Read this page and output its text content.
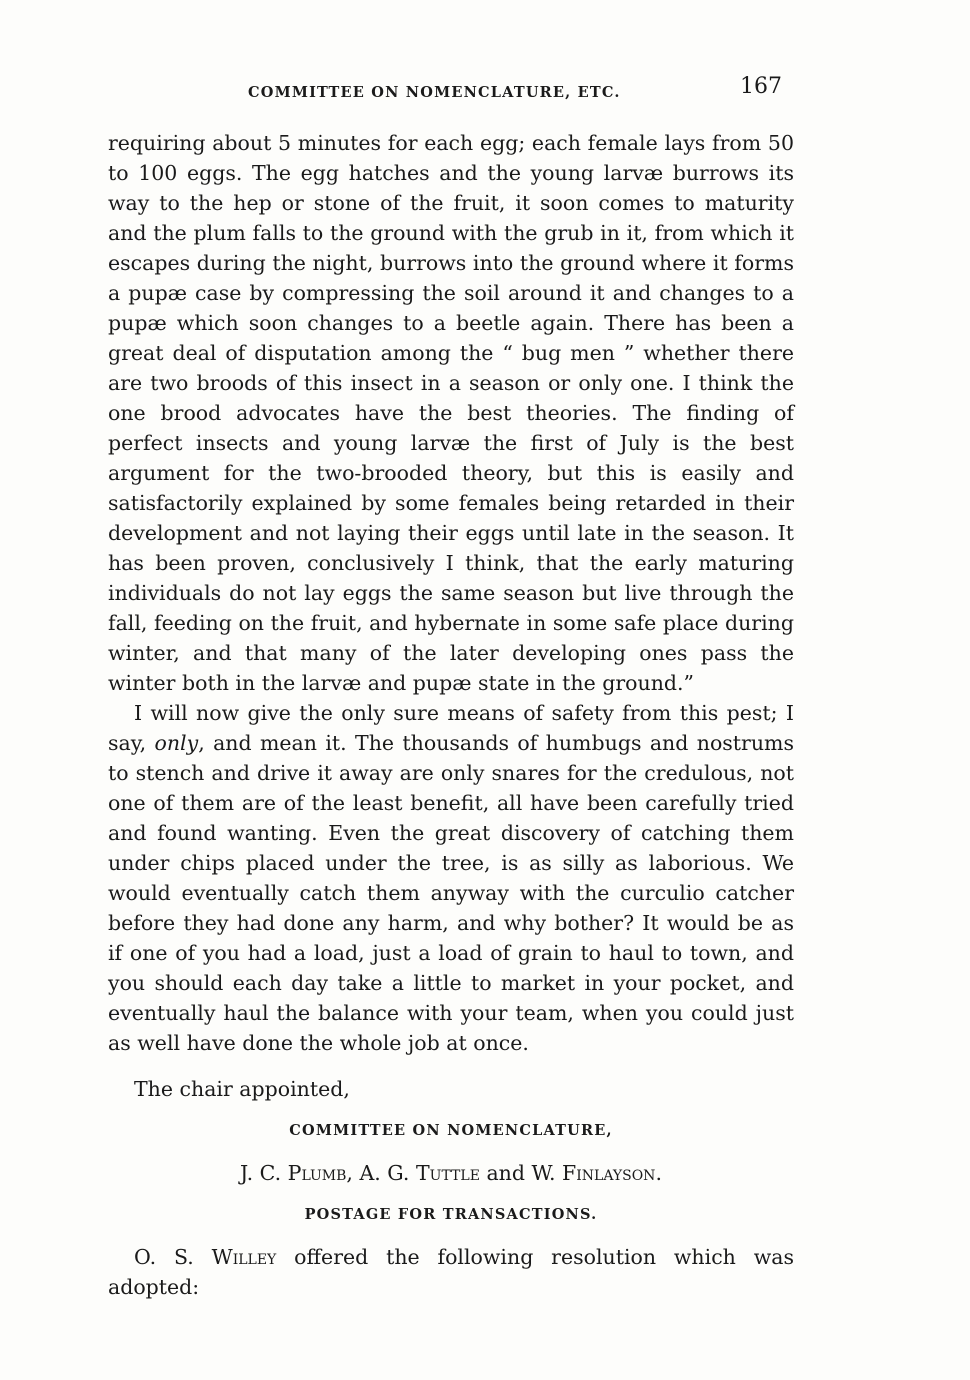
COMMITTEE ON NOMENCLATURE, ETC.	167

requiring about 5 minutes for each egg; each female lays from 50 to 100 eggs. The egg hatches and the young larvæ burrows its way to the hep or stone of the fruit, it soon comes to maturity and the plum falls to the ground with the grub in it, from which it escapes during the night, burrows into the ground where it forms a pupæ case by compressing the soil around it and changes to a pupæ which soon changes to a beetle again. There has been a great deal of disputation among the “ bug men ” whether there are two broods of this insect in a season or only one. I think the one brood advocates have the best theories. The finding of perfect insects and young larvæ the first of July is the best argument for the two-brooded theory, but this is easily and satisfactorily explained by some females being retarded in their development and not laying their eggs until late in the season. It has been proven, conclusively I think, that the early maturing individuals do not lay eggs the same season but live through the fall, feeding on the fruit, and hybernate in some safe place during winter, and that many of the later developing ones pass the winter both in the larvæ and pupæ state in the ground.”

I will now give the only sure means of safety from this pest; I say, only, and mean it. The thousands of humbugs and nostrums to stench and drive it away are only snares for the credulous, not one of them are of the least benefit, all have been carefully tried and found wanting. Even the great discovery of catching them under chips placed under the tree, is as silly as laborious. We would eventually catch them anyway with the curculio catcher before they had done any harm, and why bother? It would be as if one of you had a load, just a load of grain to haul to town, and you should each day take a little to market in your pocket, and eventually haul the balance with your team, when you could just as well have done the whole job at once.

The chair appointed,

COMMITTEE ON NOMENCLATURE,

J. C. Plumb, A. G. Tuttle and W. Finlayson.

POSTAGE FOR TRANSACTIONS.

O. S. Willey offered the following resolution which was adopted:
